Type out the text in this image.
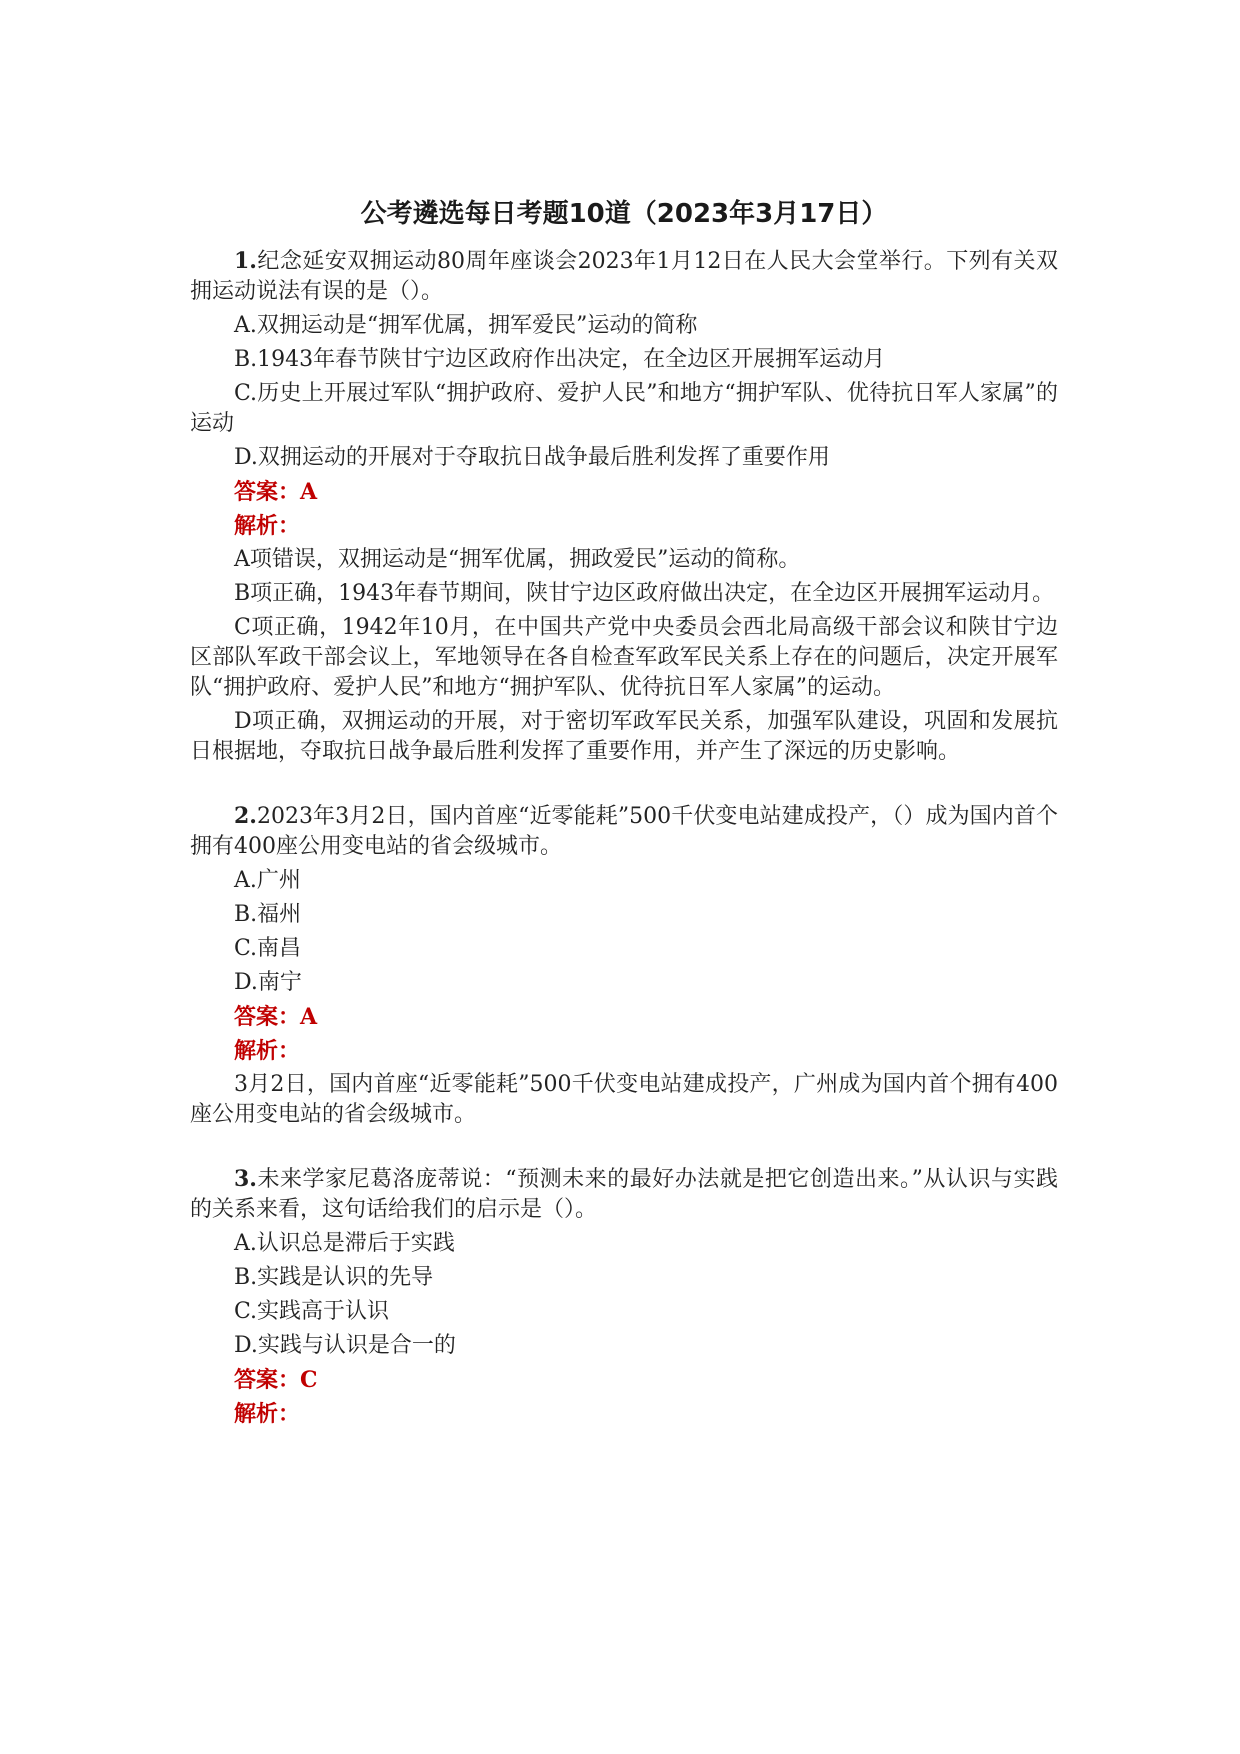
公考遴选每日考题10道（2023年3月17日）

1.纪念延安双拥运动80周年座谈会2023年1月12日在人民大会堂举行。下列有关双拥运动说法有误的是（）。

A.双拥运动是“拥军优属，拥军爱民”运动的简称

B.1943年春节陕甘宁边区政府作出决定，在全边区开展拥军运动月

C.历史上开展过军队“拥护政府、爱护人民”和地方“拥护军队、优待抗日军人家属”的运动

D.双拥运动的开展对于夺取抗日战争最后胜利发挥了重要作用

答案：A

解析：

A项错误，双拥运动是“拥军优属，拥政爱民”运动的简称。

B项正确，1943年春节期间，陕甘宁边区政府做出决定，在全边区开展拥军运动月。

C项正确，1942年10月，在中国共产党中央委员会西北局高级干部会议和陕甘宁边区部队军政干部会议上，军地领导在各自检查军政军民关系上存在的问题后，决定开展军队“拥护政府、爱护人民”和地方“拥护军队、优待抗日军人家属”的运动。

D项正确，双拥运动的开展，对于密切军政军民关系，加强军队建设，巩固和发展抗日根据地，夺取抗日战争最后胜利发挥了重要作用，并产生了深远的历史影响。

2.2023年3月2日，国内首座“近零能耗”500千伏变电站建成投产，（）成为国内首个拥有400座公用变电站的省会级城市。

A.广州

B.福州

C.南昌

D.南宁

答案：A

解析：

3月2日，国内首座“近零能耗”500千伏变电站建成投产，广州成为国内首个拥有400座公用变电站的省会级城市。

3.未来学家尼葛洛庞蒂说：“预测未来的最好办法就是把它创造出来。”从认识与实践的关系来看，这句话给我们的启示是（）。

A.认识总是滞后于实践

B.实践是认识的先导

C.实践高于认识

D.实践与认识是合一的

答案：C

解析：
